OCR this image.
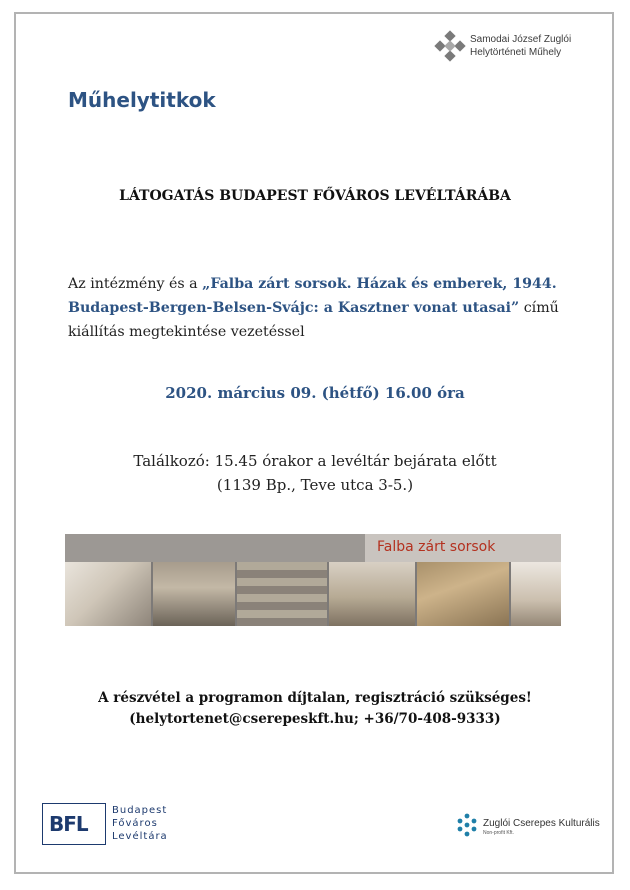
Samodai József Zuglói
Helytörténeti Műhely
Műhelytitkok
LÁTOGATÁS BUDAPEST FŐVÁROS LEVÉLTÁRÁBA
Az intézmény és a „Falba zárt sorsok. Házak és emberek, 1944.
Budapest-Bergen-Belsen-Svájc: a Kasztner vonat utasai” című
kiállítás megtekintése vezetéssel
2020. március 09. (hétfő) 16.00 óra
Találkozó: 15.45 órakor a levéltár bejárata előtt
(1139 Bp., Teve utca 3-5.)
Falba zárt sorsok
A részvétel a programon díjtalan, regisztráció szükséges!
(helytortenet@cserepeskft.hu; +36/70-408-9333)
BFL
Budapest
Főváros
Levéltára
Zuglói Cserepes Kulturális
Non-profit Kft.
